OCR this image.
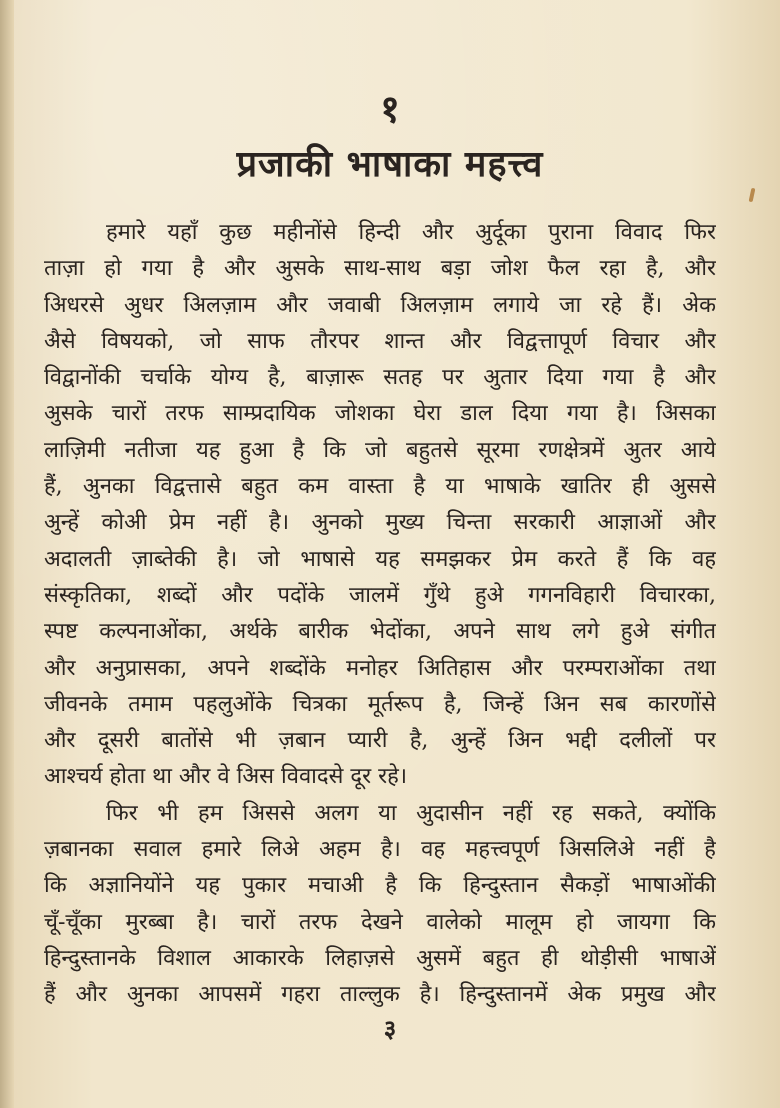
१
प्रजाकी भाषाका महत्त्व
हमारे यहाँ कुछ महीनोंसे हिन्दी और अुर्दूका पुराना विवाद फिर
ताज़ा हो गया है और अुसके साथ-साथ बड़ा जोश फैल रहा है, और
अिधरसे अुधर अिलज़ाम और जवाबी अिलज़ाम लगाये जा रहे हैं। अेक
अैसे विषयको, जो साफ तौरपर शान्त और विद्वत्तापूर्ण विचार और
विद्वानोंकी चर्चाके योग्य है, बाज़ारू सतह पर अुतार दिया गया है और
अुसके चारों तरफ साम्प्रदायिक जोशका घेरा डाल दिया गया है। अिसका
लाज़िमी नतीजा यह हुआ है कि जो बहुतसे सूरमा रणक्षेत्रमें अुतर आये
हैं, अुनका विद्वत्तासे बहुत कम वास्ता है या भाषाके खातिर ही अुससे
अुन्हें कोअी प्रेम नहीं है। अुनको मुख्य चिन्ता सरकारी आज्ञाओं और
अदालती ज़ाब्तेकी है। जो भाषासे यह समझकर प्रेम करते हैं कि वह
संस्कृतिका, शब्दों और पदोंके जालमें गुँथे हुअे गगनविहारी विचारका,
स्पष्ट कल्पनाओंका, अर्थके बारीक भेदोंका, अपने साथ लगे हुअे संगीत
और अनुप्रासका, अपने शब्दोंके मनोहर अितिहास और परम्पराओंका तथा
जीवनके तमाम पहलुओंके चित्रका मूर्तरूप है, जिन्हें अिन सब कारणोंसे
और दूसरी बातोंसे भी ज़बान प्यारी है, अुन्हें अिन भद्दी दलीलों पर
आश्चर्य होता था और वे अिस विवादसे दूर रहे।
फिर भी हम अिससे अलग या अुदासीन नहीं रह सकते, क्योंकि
ज़बानका सवाल हमारे लिअे अहम है। वह महत्त्वपूर्ण अिसलिअे नहीं है
कि अज्ञानियोंने यह पुकार मचाअी है कि हिन्दुस्तान सैकड़ों भाषाओंकी
चूँ-चूँका मुरब्बा है। चारों तरफ देखने वालेको मालूम हो जायगा कि
हिन्दुस्तानके विशाल आकारके लिहाज़से अुसमें बहुत ही थोड़ीसी भाषाअें
हैं और अुनका आपसमें गहरा ताल्लुक है। हिन्दुस्तानमें अेक प्रमुख और
३
